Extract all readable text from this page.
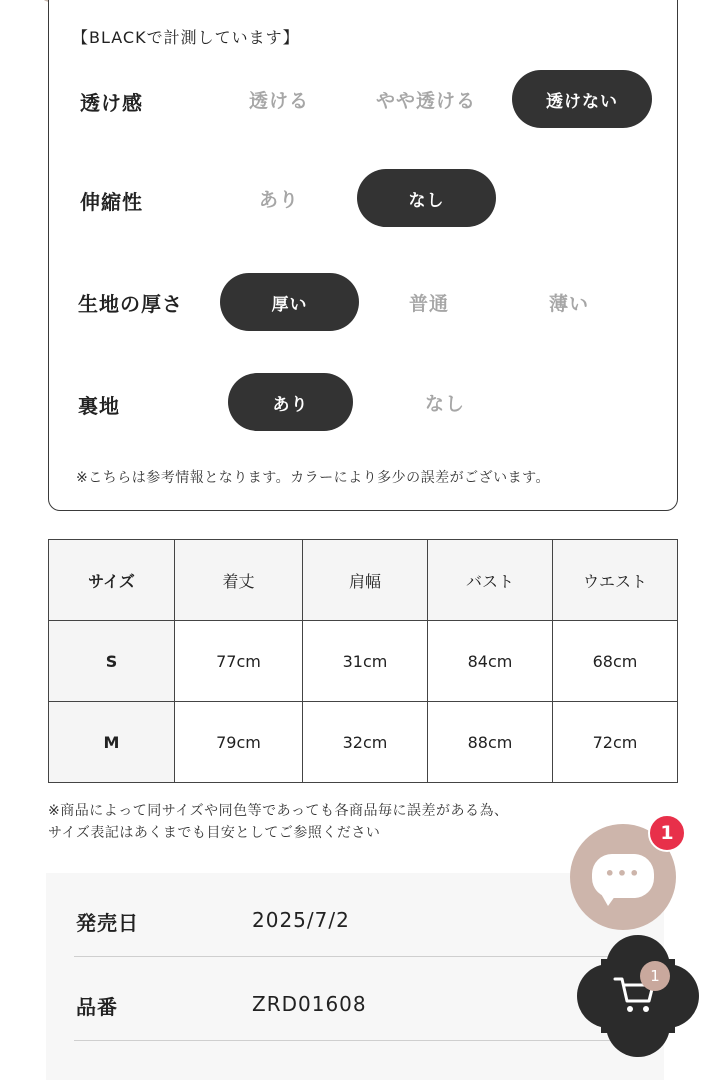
【BLACKで計測しています】
透け感	透ける	やや透ける	透けない
伸縮性	あり	なし
生地の厚さ	厚い	普通	薄い
裏地	あり	なし
※こちらは参考情報となります。カラーにより多少の誤差がございます。
サイズ	着丈	肩幅	バスト	ウエスト
S	77cm	31cm	84cm	68cm
M	79cm	32cm	88cm	72cm
※商品によって同サイズや同色等であっても各商品毎に誤差がある為、
サイズ表記はあくまでも目安としてご参照ください
発売日	2025/7/2
品番	ZRD01608
•••
1
1
